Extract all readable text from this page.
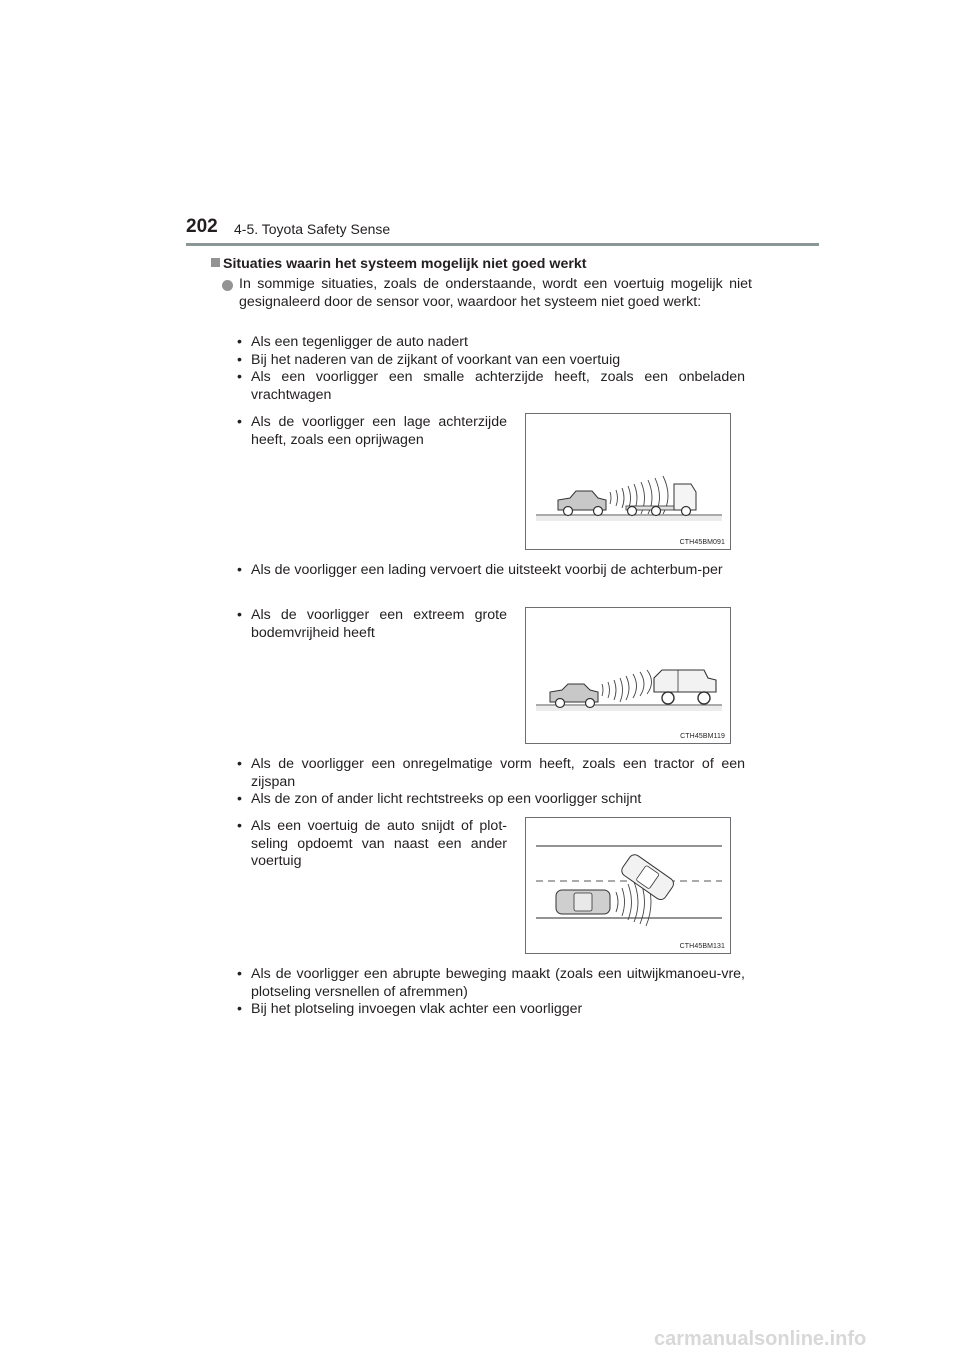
202 4-5. Toyota Safety Sense
Situaties waarin het systeem mogelijk niet goed werkt
In sommige situaties, zoals de onderstaande, wordt een voertuig mogelijk niet gesignaleerd door de sensor voor, waardoor het systeem niet goed werkt:
• Als een tegenligger de auto nadert
• Bij het naderen van de zijkant of voorkant van een voertuig
• Als een voorligger een smalle achterzijde heeft, zoals een onbeladen vrachtwagen
• Als de voorligger een lage achterzijde heeft, zoals een oprijwagen
CTH45BM091
• Als de voorligger een lading vervoert die uitsteekt voorbij de achterbum-per
• Als de voorligger een extreem grote bodemvrijheid heeft
CTH45BM119
• Als de voorligger een onregelmatige vorm heeft, zoals een tractor of een zijspan
• Als de zon of ander licht rechtstreeks op een voorligger schijnt
• Als een voertuig de auto snijdt of plot-seling opdoemt van naast een ander voertuig
CTH45BM131
• Als de voorligger een abrupte beweging maakt (zoals een uitwijkmanoeu-vre, plotseling versnellen of afremmen)
• Bij het plotseling invoegen vlak achter een voorligger
carmanualsonline.info
